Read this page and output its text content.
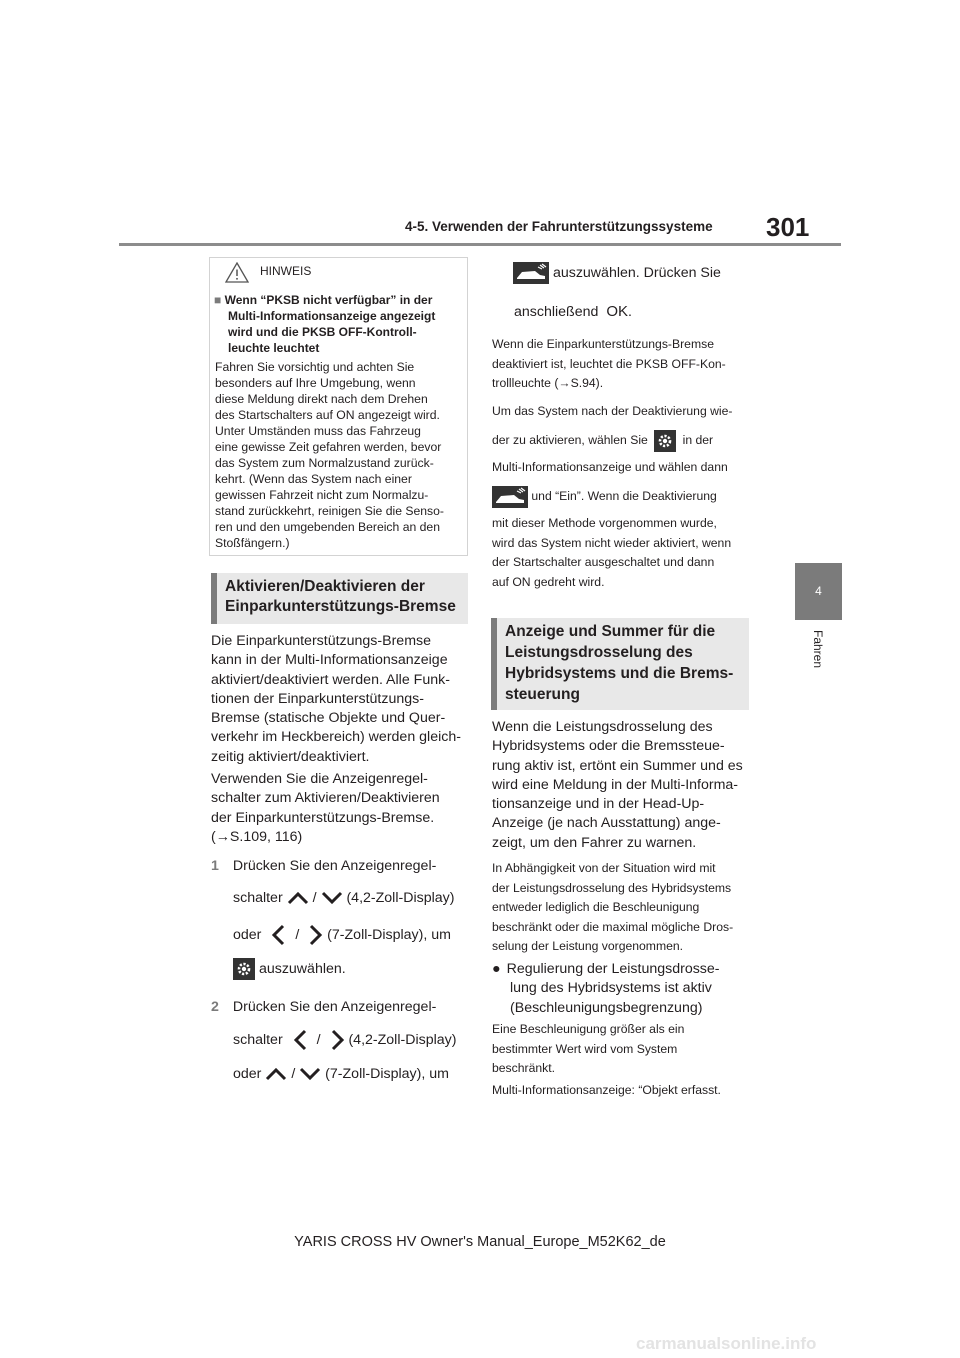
4-5. Verwenden der Fahrunterstützungssysteme 301
4
Fahren
HINWEIS
■ Wenn “PKSB nicht verfügbar” in der
Multi-Informationsanzeige angezeigt
wird und die PKSB OFF-Kontroll-
leuchte leuchtet
Fahren Sie vorsichtig und achten Sie
besonders auf Ihre Umgebung, wenn
diese Meldung direkt nach dem Drehen
des Startschalters auf ON angezeigt wird.
Unter Umständen muss das Fahrzeug
eine gewisse Zeit gefahren werden, bevor
das System zum Normalzustand zurück-
kehrt. (Wenn das System nach einer
gewissen Fahrzeit nicht zum Normalzu-
stand zurückkehrt, reinigen Sie die Senso-
ren und den umgebenden Bereich an den
Stoßfängern.)
Aktivieren/Deaktivieren der
Einparkunterstützungs-Bremse
Die Einparkunterstützungs-Bremse
kann in der Multi-Informationsanzeige
aktiviert/deaktiviert werden. Alle Funk-
tionen der Einparkunterstützungs-
Bremse (statische Objekte und Quer-
verkehr im Heckbereich) werden gleich-
zeitig aktiviert/deaktiviert.
Verwenden Sie die Anzeigenregel-
schalter zum Aktivieren/Deaktivieren
der Einparkunterstützungs-Bremse.
(→S.109, 116)
1 Drücken Sie den Anzeigenregel-
schalter / (4,2-Zoll-Display)
oder / (7-Zoll-Display), um
auszuwählen.
2 Drücken Sie den Anzeigenregel-
schalter / (4,2-Zoll-Display)
oder / (7-Zoll-Display), um
auszuwählen. Drücken Sie
anschließend OK.
Wenn die Einparkunterstützungs-Bremse
deaktiviert ist, leuchtet die PKSB OFF-Kon-
trollleuchte (→S.94).
Um das System nach der Deaktivierung wie-
der zu aktivieren, wählen Sie	in der
Multi-Informationsanzeige und wählen dann
und “Ein”. Wenn die Deaktivierung
mit dieser Methode vorgenommen wurde,
wird das System nicht wieder aktiviert, wenn
der Startschalter ausgeschaltet und dann
auf ON gedreht wird.
Anzeige und Summer für die
Leistungsdrosselung des
Hybridsystems und die Brems-
steuerung
Wenn die Leistungsdrosselung des
Hybridsystems oder die Bremssteue-
rung aktiv ist, ertönt ein Summer und es
wird eine Meldung in der Multi-Informa-
tionsanzeige und in der Head-Up-
Anzeige (je nach Ausstattung) ange-
zeigt, um den Fahrer zu warnen.
In Abhängigkeit von der Situation wird mit
der Leistungsdrosselung des Hybridsystems
entweder lediglich die Beschleunigung
beschränkt oder die maximal mögliche Dros-
selung der Leistung vorgenommen.
● Regulierung der Leistungsdrosse-
lung des Hybridsystems ist aktiv
(Beschleunigungsbegrenzung)
Eine Beschleunigung größer als ein
bestimmter Wert wird vom System
beschränkt.
Multi-Informationsanzeige: “Objekt erfasst.
YARIS CROSS HV Owner's Manual_Europe_M52K62_de
carmanualsonline.info
